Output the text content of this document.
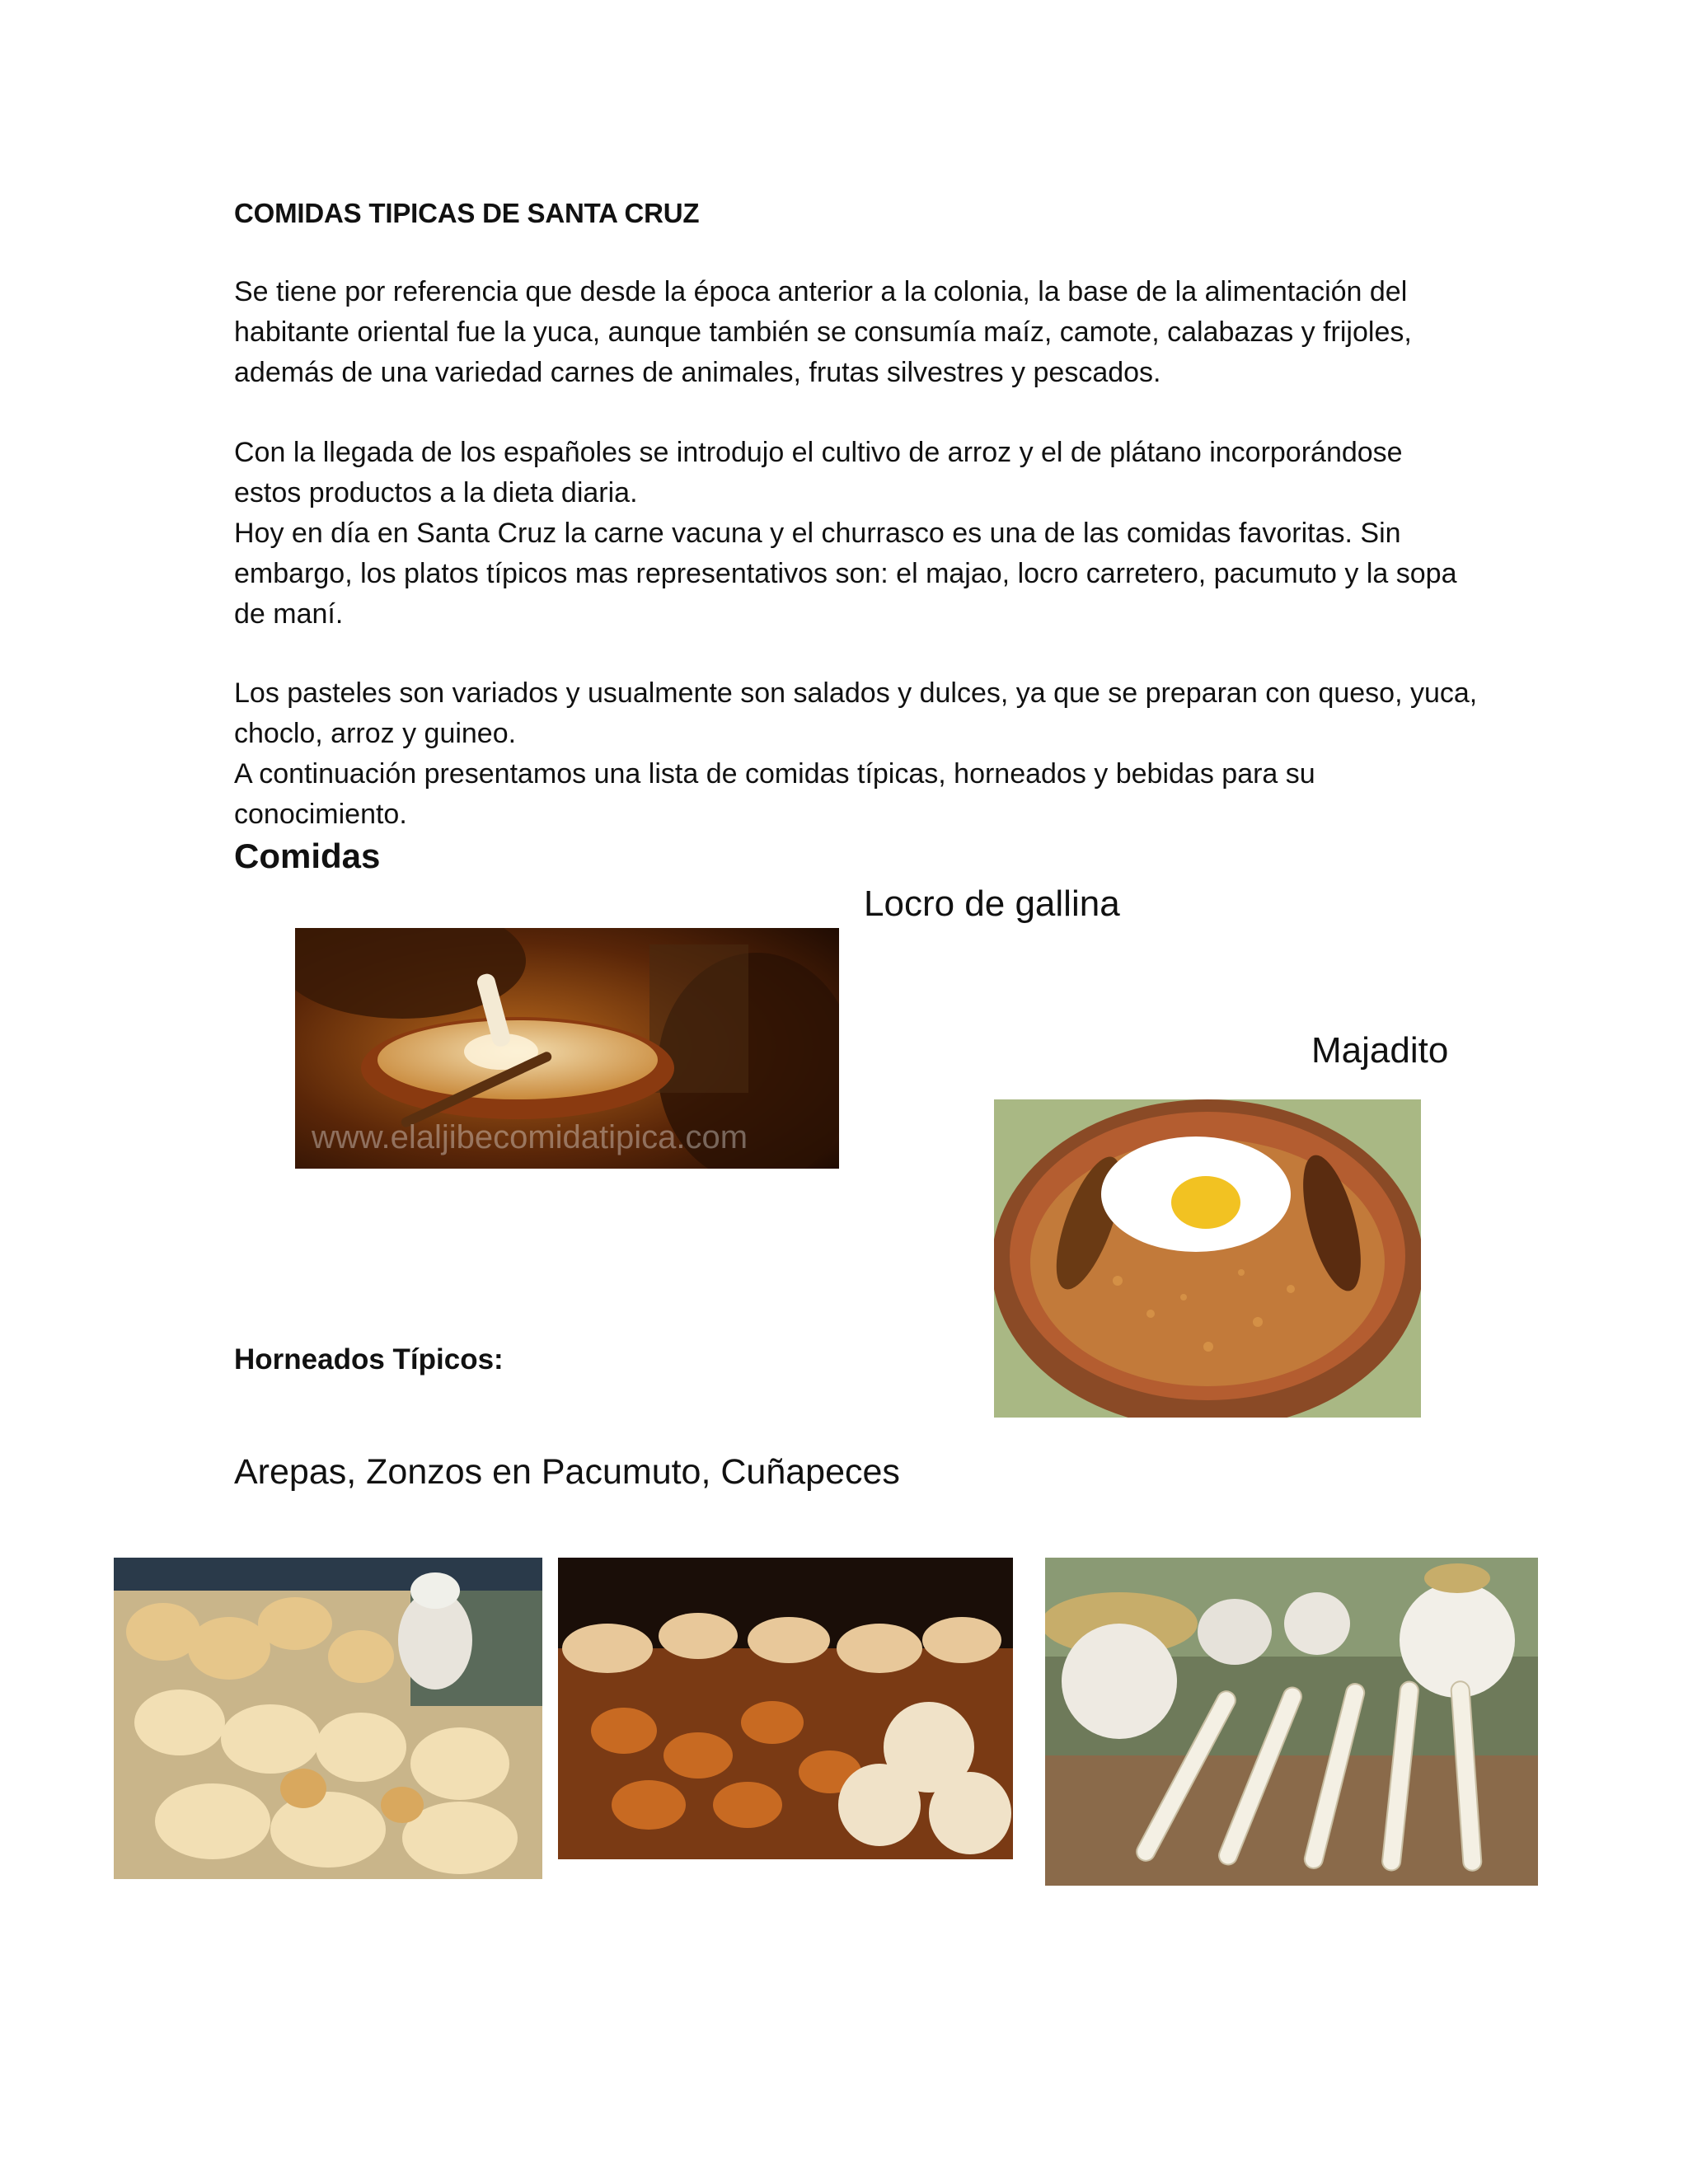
COMIDAS TIPICAS DE SANTA CRUZ
Se tiene por referencia que desde la época anterior a la colonia, la base de la alimentación del
habitante oriental fue la yuca, aunque también se consumía maíz, camote, calabazas y frijoles,
además de una variedad carnes de animales, frutas silvestres y pescados.
Con la llegada de los españoles se introdujo el cultivo de arroz y el de plátano incorporándose
estos productos a la dieta diaria.
Hoy en día en Santa Cruz la carne vacuna y el churrasco es una de las comidas favoritas. Sin
embargo, los platos típicos mas representativos son: el majao, locro carretero, pacumuto y la sopa
de maní.
Los pasteles son variados y usualmente son salados y dulces, ya que se preparan con queso, yuca,
choclo, arroz y guineo.
A continuación presentamos una lista de comidas típicas, horneados y bebidas para su
conocimiento.
Comidas
Locro de gallina
Majadito
www.elaljibecomidatipica.com
Horneados Típicos:
Arepas, Zonzos en Pacumuto, Cuñapeces
